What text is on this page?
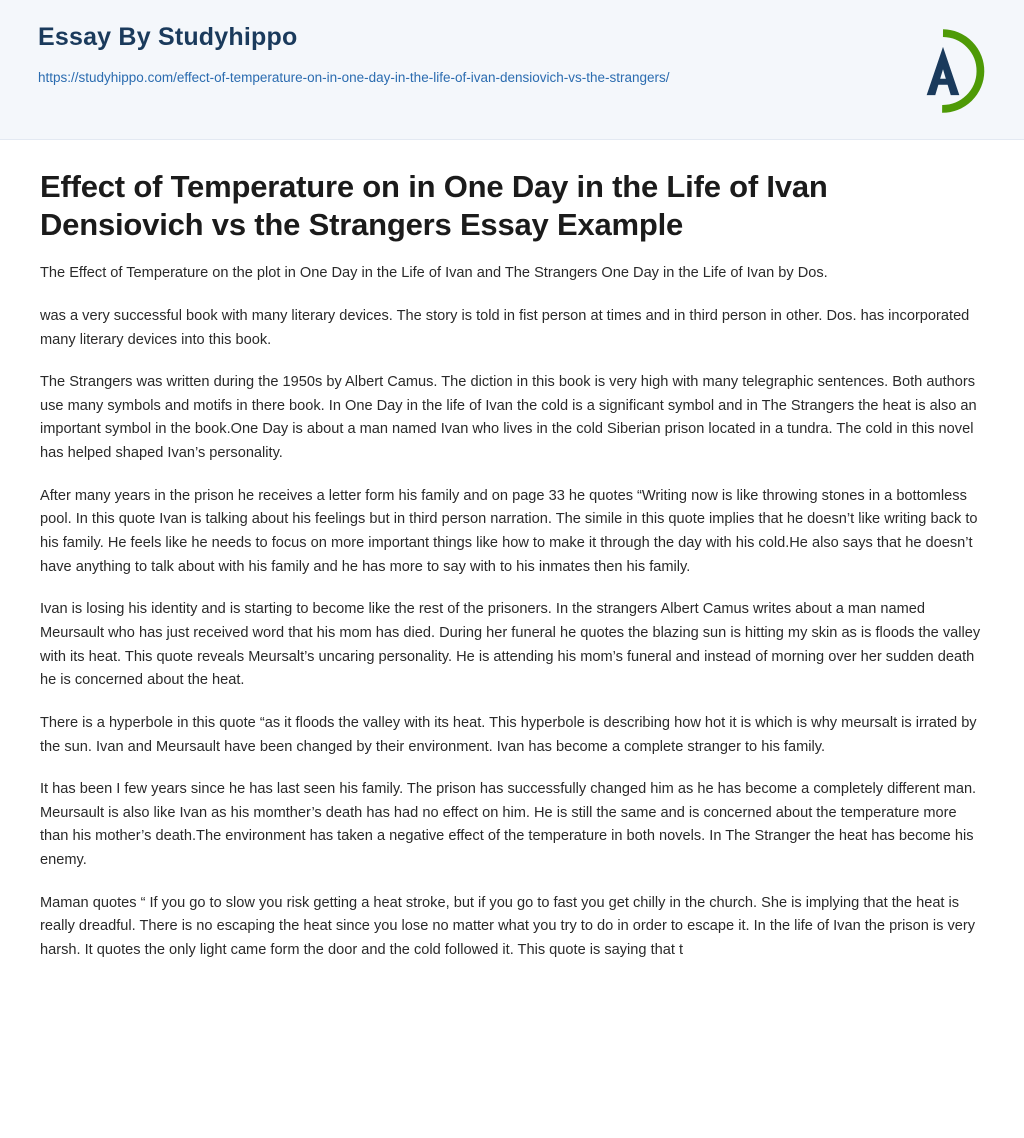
Essay By Studyhippo
https://studyhippo.com/effect-of-temperature-on-in-one-day-in-the-life-of-ivan-densiovich-vs-the-strangers/
Effect of Temperature on in One Day in the Life of Ivan Densiovich vs the Strangers Essay Example

The Effect of Temperature on the plot in One Day in the Life of Ivan and The Strangers One Day in the Life of Ivan by Dos.

was a very successful book with many literary devices. The story is told in fist person at times and in third person in other. Dos. has incorporated many literary devices into this book.

The Strangers was written during the 1950s by Albert Camus. The diction in this book is very high with many telegraphic sentences. Both authors use many symbols and motifs in there book. In One Day in the life of Ivan the cold is a significant symbol and in The Strangers the heat is also an important symbol in the book.One Day is about a man named Ivan who lives in the cold Siberian prison located in a tundra. The cold in this novel has helped shaped Ivan’s personality.

After many years in the prison he receives a letter form his family and on page 33 he quotes “Writing now is like throwing stones in a bottomless pool. In this quote Ivan is talking about his feelings but in third person narration. The simile in this quote implies that he doesn’t like writing back to his family. He feels like he needs to focus on more important things like how to make it through the day with his cold.He also says that he doesn’t have anything to talk about with his family and he has more to say with to his inmates then his family.

Ivan is losing his identity and is starting to become like the rest of the prisoners. In the strangers Albert Camus writes about a man named Meursault who has just received word that his mom has died. During her funeral he quotes the blazing sun is hitting my skin as is floods the valley with its heat. This quote reveals Meursalt’s uncaring personality. He is attending his mom’s funeral and instead of morning over her sudden death he is concerned about the heat.

There is a hyperbole in this quote “as it floods the valley with its heat. This hyperbole is describing how hot it is which is why meursalt is irrated by the sun. Ivan and Meursault have been changed by their environment. Ivan has become a complete stranger to his family.

It has been I few years since he has last seen his family. The prison has successfully changed him as he has become a completely different man. Meursault is also like Ivan as his momther’s death has had no effect on him. He is still the same and is concerned about the temperature more than his mother’s death.The environment has taken a negative effect of the temperature in both novels. In The Stranger the heat has become his enemy.

Maman quotes “ If you go to slow you risk getting a heat stroke, but if you go to fast you get chilly in the church. She is implying that the heat is really dreadful. There is no escaping the heat since you lose no matter what you try to do in order to escape it. In the life of Ivan the prison is very harsh. It quotes the only light came form the door and the cold followed it. This quote is saying that t
